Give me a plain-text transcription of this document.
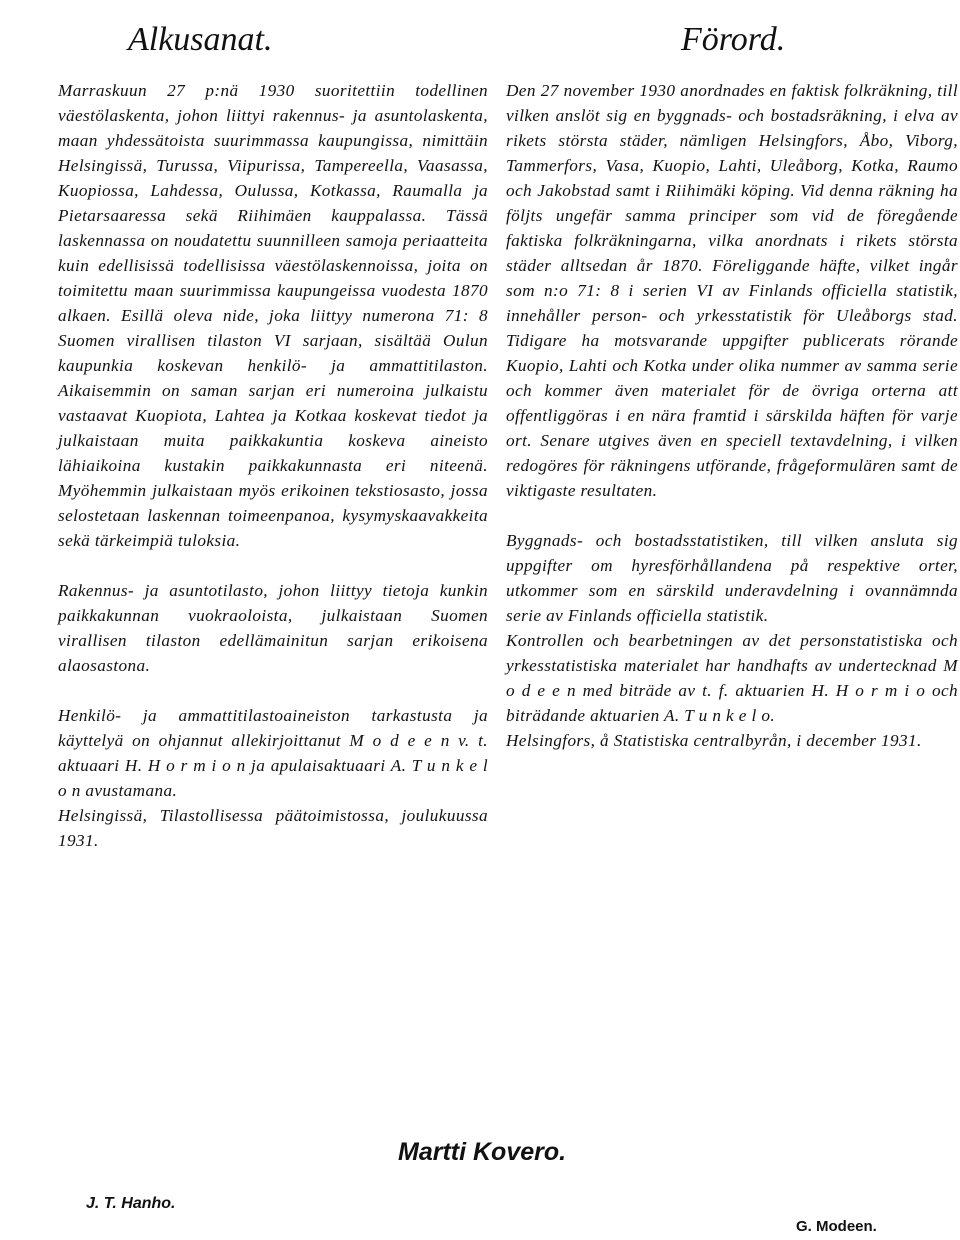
Alkusanat.

Marraskuun 27 p:nä 1930 suoritettiin todellinen väestölaskenta, johon liittyi rakennus- ja asuntolaskenta, maan yhdessätoista suurimmassa kaupungissa, nimittäin Helsingissä, Turussa, Viipurissa, Tampereella, Vaasassa, Kuopiossa, Lahdessa, Oulussa, Kotkassa, Raumalla ja Pietarsaaressa sekä Riihimäen kauppalassa. Tässä laskennassa on noudatettu suunnilleen samoja periaatteita kuin edellisissä todellisissa väestölaskennoissa, joita on toimitettu maan suurimmissa kaupungeissa vuodesta 1870 alkaen. Esillä oleva nide, joka liittyy numerona 71: 8 Suomen virallisen tilaston VI sarjaan, sisältää Oulun kaupunkia koskevan henkilö- ja ammattitilaston. Aikaisemmin on saman sarjan eri numeroina julkaistu vastaavat Kuopiota, Lahtea ja Kotkaa koskevat tiedot ja julkaistaan muita paikkakuntia koskeva aineisto lähiaikoina kustakin paikkakunnasta eri niteenä. Myöhemmin julkaistaan myös erikoinen tekstiosasto, jossa selostetaan laskennan toimeenpanoa, kysymyskaavakkeita sekä tärkeimpiä tuloksia.

Rakennus- ja asuntotilasto, johon liittyy tietoja kunkin paikkakunnan vuokraoloista, julkaistaan Suomen virallisen tilaston edellämainitun sarjan erikoisena alaosastona.

Henkilö- ja ammattitilastoaineiston tarkastusta ja käyttelyä on ohjannut allekirjoittanut M o d e e n v. t. aktuaari H. H o r m i o n ja apulaisaktuaari A. T u n k e l o n avustamana.

Helsingissä, Tilastollisessa päätoimistossa, joulukuussa 1931.

Förord.

Den 27 november 1930 anordnades en faktisk folkräkning, till vilken anslöt sig en byggnads- och bostadsräkning, i elva av rikets största städer, nämligen Helsingfors, Åbo, Viborg, Tammerfors, Vasa, Kuopio, Lahti, Uleåborg, Kotka, Raumo och Jakobstad samt i Riihimäki köping. Vid denna räkning ha följts ungefär samma principer som vid de föregående faktiska folkräkningarna, vilka anordnats i rikets största städer alltsedan år 1870. Föreliggande häfte, vilket ingår som n:o 71: 8 i serien VI av Finlands officiella statistik, innehåller person- och yrkesstatistik för Uleåborgs stad. Tidigare ha motsvarande uppgifter publicerats rörande Kuopio, Lahti och Kotka under olika nummer av samma serie och kommer även materialet för de övriga orterna att offentliggöras i en nära framtid i särskilda häften för varje ort. Senare utgives även en speciell textavdelning, i vilken redogöres för räkningens utförande, frågeformulären samt de viktigaste resultaten.

Byggnads- och bostadsstatistiken, till vilken ansluta sig uppgifter om hyresförhållandena på respektive orter, utkommer som en särskild underavdelning i ovannämnda serie av Finlands officiella statistik.

Kontrollen och bearbetningen av det personstatistiska och yrkesstatistiska materialet har handhafts av undertecknad M o d e e n med biträde av t. f. aktuarien H. H o r m i o och biträdande aktuarien A. T u n k e l o.

Helsingfors, å Statistiska centralbyrån, i december 1931.

Martti Kovero.
J. T. Hanho.
G. Modeen.
